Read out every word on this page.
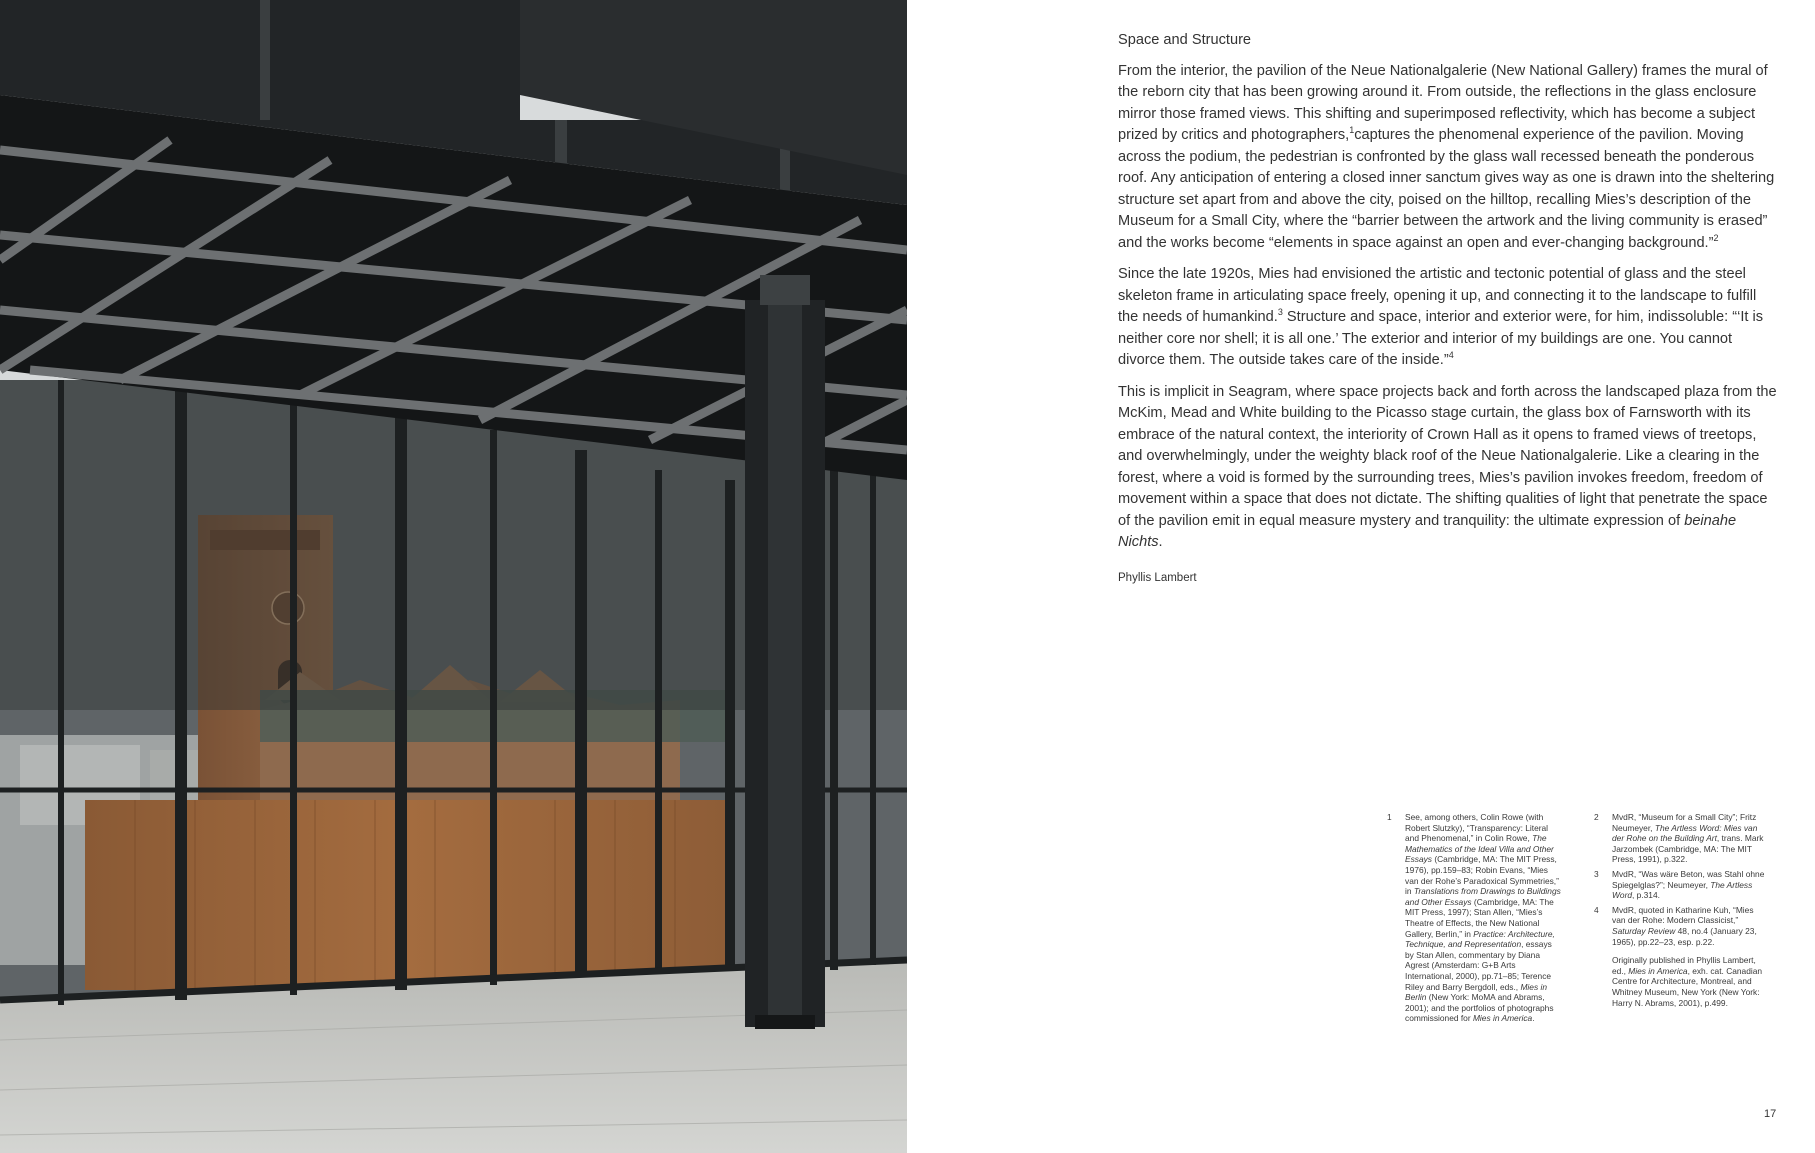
Space and Structure

From the interior, the pavilion of the Neue Nationalgalerie (New National Gallery) frames the mural of the reborn city that has been growing around it. From outside, the reflections in the glass enclosure mirror those framed views. This shifting and superimposed reflectivity, which has become a subject prized by critics and photographers,$^1$captures the phenomenal experience of the pavilion. Moving across the podium, the pedestrian is confronted by the glass wall recessed beneath the ponderous roof. Any anticipation of entering a closed inner sanctum gives way as one is drawn into the sheltering structure set apart from and above the city, poised on the hilltop, recalling Mies’s description of the Museum for a Small City, where the “barrier between the artwork and the living community is erased” and the works become “elements in space against an open and ever-changing background.”$^2$

Since the late 1920s, Mies had envisioned the artistic and tectonic potential of glass and the steel skeleton frame in articulating space freely, opening it up, and connecting it to the landscape to fulfill the needs of humankind.$^3$ Structure and space, interior and exterior were, for him, indissoluble: “‘It is neither core nor shell; it is all one.’ The exterior and interior of my buildings are one. You cannot divorce them. The outside takes care of the inside.”$^4$

This is implicit in Seagram, where space projects back and forth across the landscaped plaza from the McKim, Mead and White building to the Picasso stage curtain, the glass box of Farnsworth with its embrace of the natural context, the interiority of Crown Hall as it opens to framed views of treetops, and overwhelmingly, under the weighty black roof of the Neue Nationalgalerie. Like a clearing in the forest, where a void is formed by the surrounding trees, Mies’s pavilion invokes freedom, freedom of movement within a space that does not dictate. The shifting qualities of light that penetrate the space of the pavilion emit in equal measure mystery and tranquility: the ultimate expression of beinahe Nichts.

Phyllis Lambert
1 See, among others, Colin Rowe (with Robert Slutzky), “Transparency: Literal and Phenomenal,” in Colin Rowe, The Mathematics of the Ideal Villa and Other Essays (Cambridge, MA: The MIT Press, 1976), pp.159–83; Robin Evans, “Mies van der Rohe’s Paradoxical Symmetries,” in Translations from Drawings to Buildings and Other Essays (Cambridge, MA: The MIT Press, 1997); Stan Allen, “Mies’s Theatre of Effects, the New National Gallery, Berlin,” in Practice: Architecture, Technique, and Representation, essays by Stan Allen, commentary by Diana Agrest (Amsterdam: G+B Arts International, 2000), pp.71–85; Terence Riley and Barry Bergdoll, eds., Mies in Berlin (New York: MoMA and Abrams, 2001); and the portfolios of photographs commissioned for Mies in America.
2 MvdR, “Museum for a Small City”; Fritz Neumeyer, The Artless Word: Mies van der Rohe on the Building Art, trans. Mark Jarzombek (Cambridge, MA: The MIT Press, 1991), p.322.
3 MvdR, “Was wäre Beton, was Stahl ohne Spiegelglas?”; Neumeyer, The Artless Word, p.314.
4 MvdR, quoted in Katharine Kuh, “Mies van der Rohe: Modern Classicist,” Saturday Review 48, no.4 (January 23, 1965), pp.22–23, esp. p.22.
Originally published in Phyllis Lambert, ed., Mies in America, exh. cat. Canadian Centre for Architecture, Montreal, and Whitney Museum, New York (New York: Harry N. Abrams, 2001), p.499.
17
